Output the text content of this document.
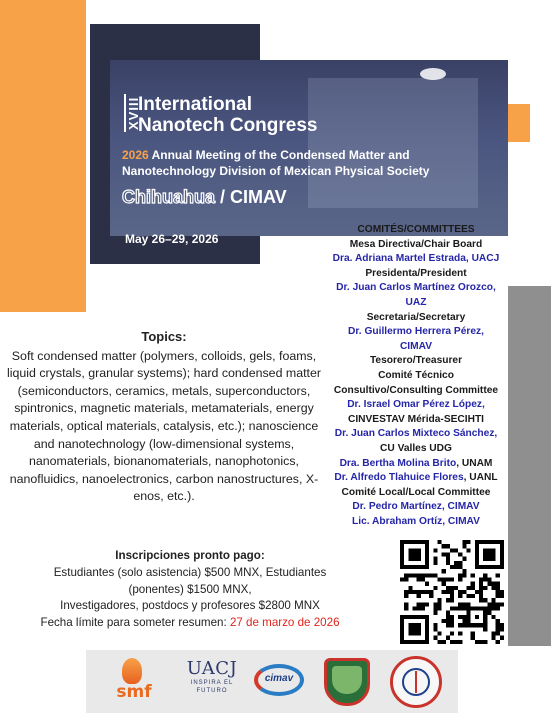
XVIII
International
Nanotech Congress
2026 Annual Meeting of the Condensed Matter and
Nanotechnology Division of Mexican Physical Society
Chihuahua / CIMAV
May 26–29, 2026
COMITÉS/COMMITTEES
Mesa Directiva/Chair Board
Dra. Adriana Martel Estrada, UACJ
Presidenta/President
Dr. Juan Carlos Martínez Orozco,
UAZ
Secretaria/Secretary
Dr. Guillermo Herrera Pérez,
CIMAV
Tesorero/Treasurer
Comité Técnico
Consultivo/Consulting Committee
Dr. Israel Omar Pérez López,
CINVESTAV Mérida-SECIHTI
Dr. Juan Carlos Mixteco Sánchez,
CU Valles UDG
Dra. Bertha Molina Brito, UNAM
Dr. Alfredo Tlahuice Flores, UANL
Comité Local/Local Committee
Dr. Pedro Martínez, CIMAV
Lic. Abraham Ortíz, CIMAV
Topics:
Soft condensed matter (polymers, colloids, gels, foams, liquid crystals, granular systems); hard condensed matter (semiconductors, ceramics, metals, superconductors, spintronics, magnetic materials, metamaterials, energy materials, optical materials, catalysis, etc.); nanoscience and nanotechnology (low-dimensional systems, nanomaterials, bionanomaterials, nanophotonics, nanofluidics, nanoelectronics, carbon nanostructures, X-enos, etc.).
Inscripciones pronto pago:
Estudiantes (solo asistencia) $500 MNX, Estudiantes
(ponentes) $1500 MNX,
Investigadores, postdocs y profesores $2800 MNX
Fecha límite para someter resumen: 27 de marzo de 2026
smf
UACJ
INSPIRA EL
FUTURO
cimav
